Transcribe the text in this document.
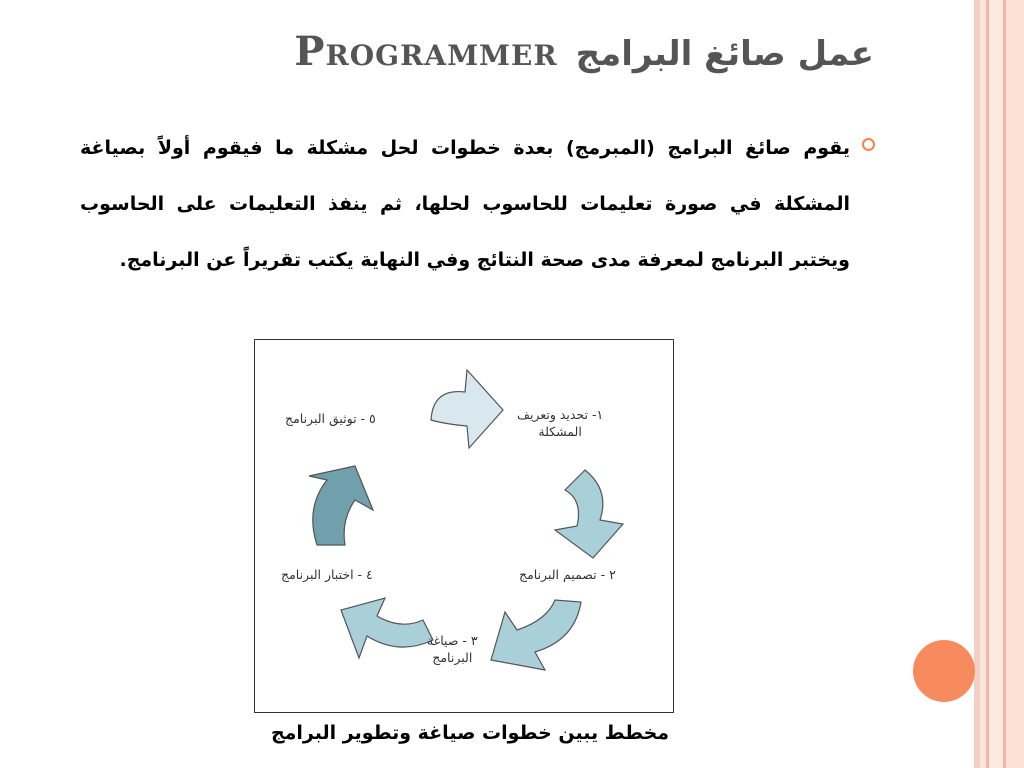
Programmer عمل صائغ البرامج
يقوم صائغ البرامج (المبرمج) بعدة خطوات لحل مشكلة ما فيقوم أولاً بصياغة المشكلة في صورة تعليمات للحاسوب لحلها، ثم ينفذ التعليمات على الحاسوب ويختبر البرنامج لمعرفة مدى صحة النتائج وفي النهاية يكتب تقريراً عن البرنامج.
١- تحديد وتعريف
المشكلة
٥ - توثيق البرنامج
٢ - تصميم البرنامج
٤ - اختبار البرنامج
٣ - صياغة
البرنامج
مخطط يبين خطوات صياغة وتطوير البرامج
